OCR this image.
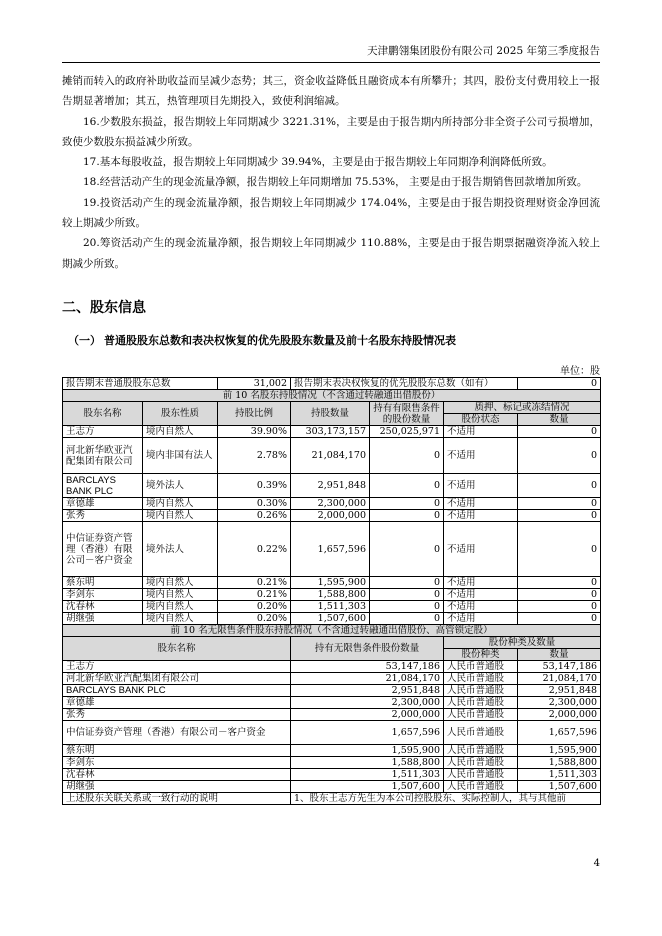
天津鹏翎集团股份有限公司 2025 年第三季度报告

摊销而转入的政府补助收益而呈减少态势；其三，资金收益降低且融资成本有所攀升；其四，股份支付费用较上一报告期显著增加；其五，热管理项目先期投入，致使利润缩减。

16.少数股东损益，报告期较上年同期减少 3221.31%，主要是由于报告期内所持部分非全资子公司亏损增加，致使少数股东损益减少所致。

17.基本每股收益，报告期较上年同期减少 39.94%，主要是由于报告期较上年同期净利润降低所致。

18.经营活动产生的现金流量净额，报告期较上年同期增加 75.53%， 主要是由于报告期销售回款增加所致。

19.投资活动产生的现金流量净额，报告期较上年同期减少 174.04%，主要是由于报告期投资理财资金净回流较上期减少所致。

20.筹资活动产生的现金流量净额，报告期较上年同期减少 110.88%，主要是由于报告期票据融资净流入较上期减少所致。

二、股东信息
（一） 普通股股东总数和表决权恢复的优先股股东数量及前十名股东持股情况表
单位：股
报告期末普通股股东总数		31,002	报告期末表决权恢复的优先股股东总数（如有）			0
前 10 名股东持股情况（不含通过转融通出借股份）						
股东名称	股东性质	持股比例	持股数量	持有有限售条件的股份数量	质押、标记或冻结情况	
					股份状态	数量
王志方	境内自然人	39.90%	303,173,157	250,025,971	不适用	0
河北新华欧亚汽配集团有限公司	境内非国有法人	2.78%	21,084,170	0	不适用	0
BARCLAYS BANK PLC	境外法人	0.39%	2,951,848	0	不适用	0
章德雄	境内自然人	0.30%	2,300,000	0	不适用	0
张秀	境内自然人	0.26%	2,000,000	0	不适用	0
中信证券资产管理（香港）有限公司－客户资金	境外法人	0.22%	1,657,596	0	不适用	0
蔡东明	境内自然人	0.21%	1,595,900	0	不适用	0
李剑东	境内自然人	0.21%	1,588,800	0	不适用	0
沈春林	境内自然人	0.20%	1,511,303	0	不适用	0
胡继强	境内自然人	0.20%	1,507,600	0	不适用	0
前 10 名无限售条件股东持股情况（不含通过转融通出借股份、高管锁定股）						
股东名称			持有无限售条件股份数量		股份种类及数量	
					股份种类	数量
王志方			53,147,186		人民币普通股	53,147,186
河北新华欧亚汽配集团有限公司			21,084,170		人民币普通股	21,084,170
BARCLAYS BANK PLC			2,951,848		人民币普通股	2,951,848
章德雄			2,300,000		人民币普通股	2,300,000
张秀			2,000,000		人民币普通股	2,000,000
中信证券资产管理（香港）有限公司－客户资金			1,657,596		人民币普通股	1,657,596
蔡东明			1,595,900		人民币普通股	1,595,900
李剑东			1,588,800		人民币普通股	1,588,800
沈春林			1,511,303		人民币普通股	1,511,303
胡继强			1,507,600		人民币普通股	1,507,600
上述股东关联关系或一致行动的说明			1、股东王志方先生为本公司控股股东、实际控制人，其与其他前			
4
